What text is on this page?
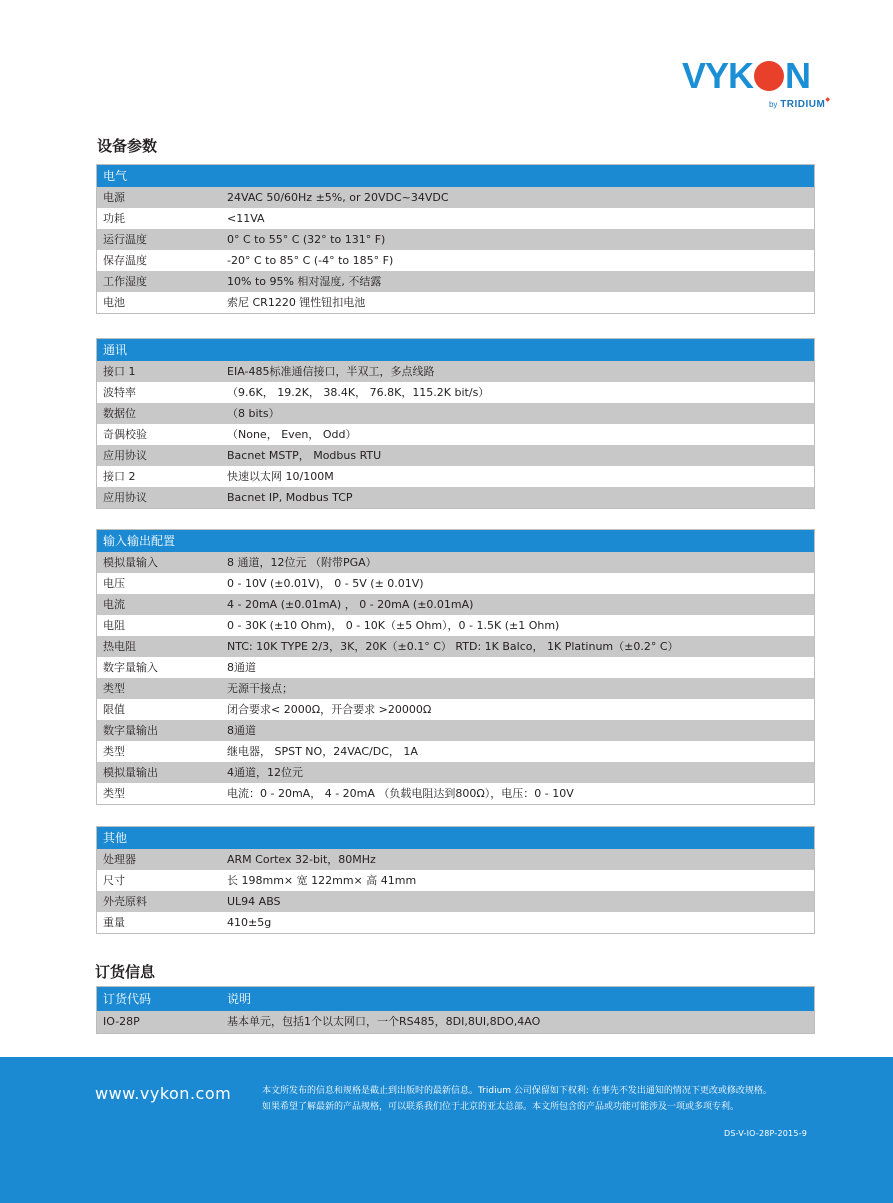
VYK N
by TRIDIUM◆
设备参数
电气
电源	24VAC 50/60Hz ±5%, or 20VDC~34VDC
功耗	<11VA
运行温度	0° C to 55° C (32° to 131° F)
保存温度	-20° C to 85° C (-4° to 185° F)
工作湿度	10% to 95% 相对湿度, 不结露
电池	索尼 CR1220 锂性钮扣电池
通讯
接口 1	EIA-485标准通信接口，半双工，多点线路
波特率	（9.6K， 19.2K， 38.4K， 76.8K，115.2K bit/s）
数据位	（8 bits）
奇偶校验	（None， Even， Odd）
应用协议	Bacnet MSTP， Modbus RTU
接口 2	快速以太网 10/100M
应用协议	Bacnet IP, Modbus TCP
输入输出配置
模拟量输入	8 通道，12位元 （附带PGA）
电压	0 - 10V (±0.01V)， 0 - 5V (± 0.01V)
电流	4 - 20mA (±0.01mA) ， 0 - 20mA (±0.01mA)
电阻	0 - 30K (±10 Ohm)， 0 - 10K（±5 Ohm），0 - 1.5K (±1 Ohm)
热电阻	NTC: 10K TYPE 2/3，3K，20K（±0.1° C） RTD: 1K Balco， 1K Platinum（±0.2° C）
数字量输入	8通道
类型	无源干接点；
限值	闭合要求< 2000Ω，开合要求 >20000Ω
数字量输出	8通道
类型	继电器， SPST NO，24VAC/DC， 1A
模拟量输出	4通道，12位元
类型	电流：0 - 20mA， 4 - 20mA （负载电阻达到800Ω），电压：0 - 10V
其他
处理器	ARM Cortex 32-bit，80MHz
尺寸	长 198mm× 宽 122mm× 高 41mm
外壳原料	UL94 ABS
重量	410±5g
订货信息
订货代码	说明
IO-28P	基本单元，包括1个以太网口，一个RS485，8DI,8UI,8DO,4AO
www.vykon.com	本文所发布的信息和规格是截止到出版时的最新信息。Tridium 公司保留如下权利: 在事先不发出通知的情况下更改或修改规格。
如果希望了解最新的产品规格，可以联系我们位于北京的亚太总部。本文所包含的产品或功能可能涉及一项或多项专利。
DS-V-IO-28P-2015-9
